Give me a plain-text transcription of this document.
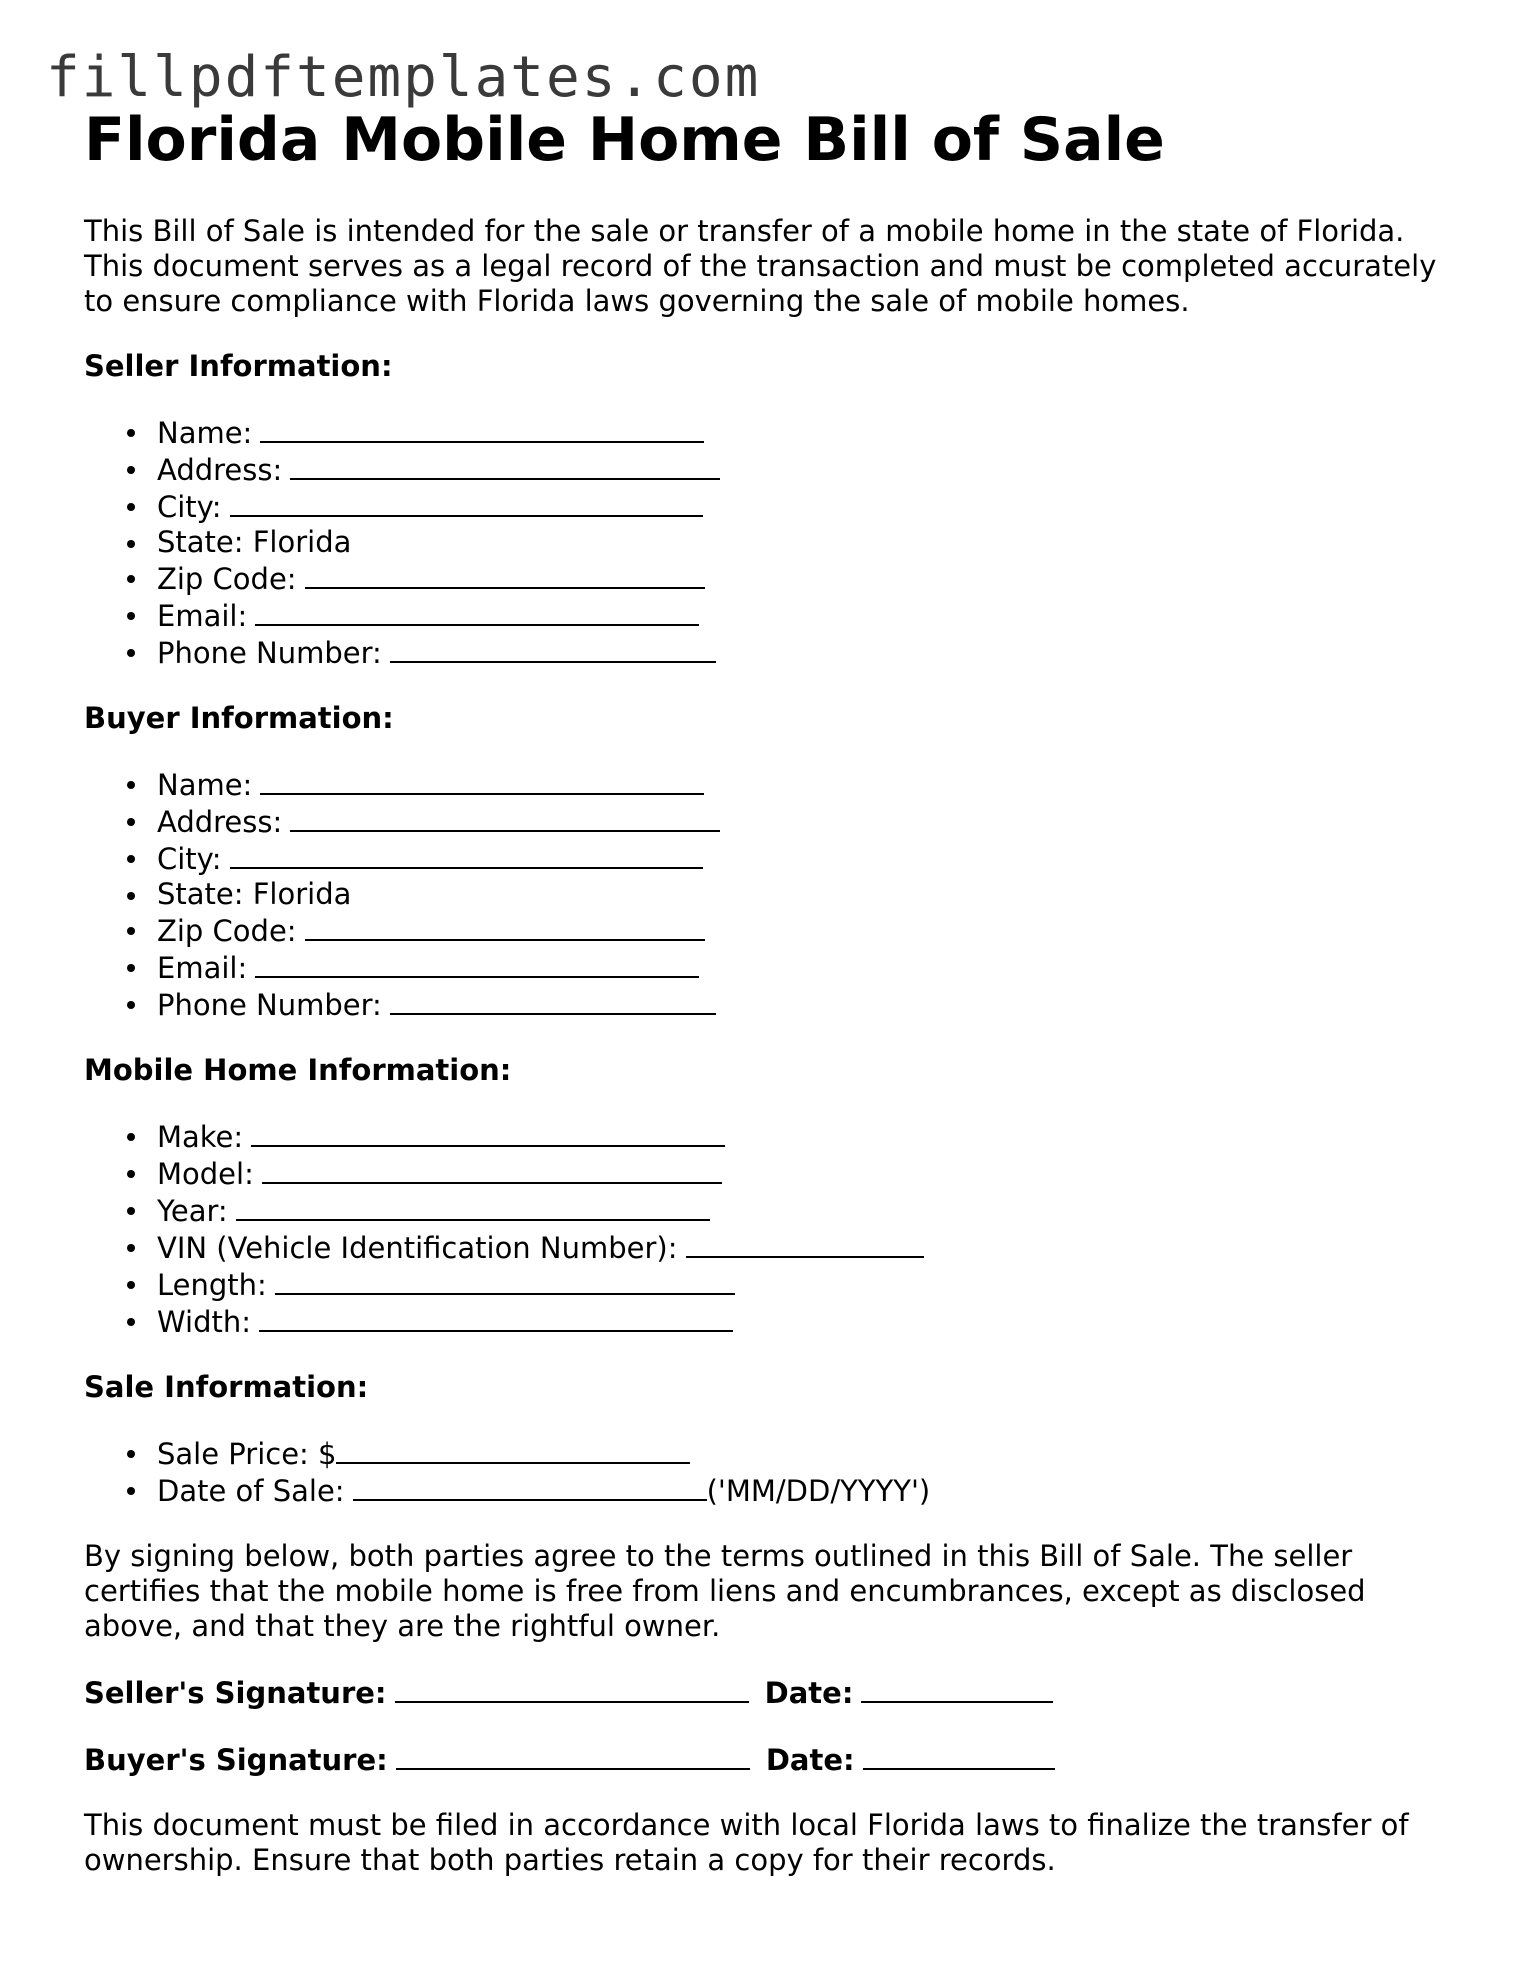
fillpdftemplates.com
Florida Mobile Home Bill of Sale

This Bill of Sale is intended for the sale or transfer of a mobile home in the state of Florida. This document serves as a legal record of the transaction and must be completed accurately to ensure compliance with Florida laws governing the sale of mobile homes.

Seller Information:
Name:
Address:
City:
State: Florida
Zip Code:
Email:
Phone Number:
Buyer Information:
Name:
Address:
City:
State: Florida
Zip Code:
Email:
Phone Number:
Mobile Home Information:
Make:
Model:
Year:
VIN (Vehicle Identification Number):
Length:
Width:
Sale Information:
Sale Price: $
Date of Sale:	('MM/DD/YYYY')

By signing below, both parties agree to the terms outlined in this Bill of Sale. The seller certifies that the mobile home is free from liens and encumbrances, except as disclosed above, and that they are the rightful owner.

Seller's Signature:	Date:
Buyer's Signature:	Date:

This document must be filed in accordance with local Florida laws to finalize the transfer of ownership. Ensure that both parties retain a copy for their records.
